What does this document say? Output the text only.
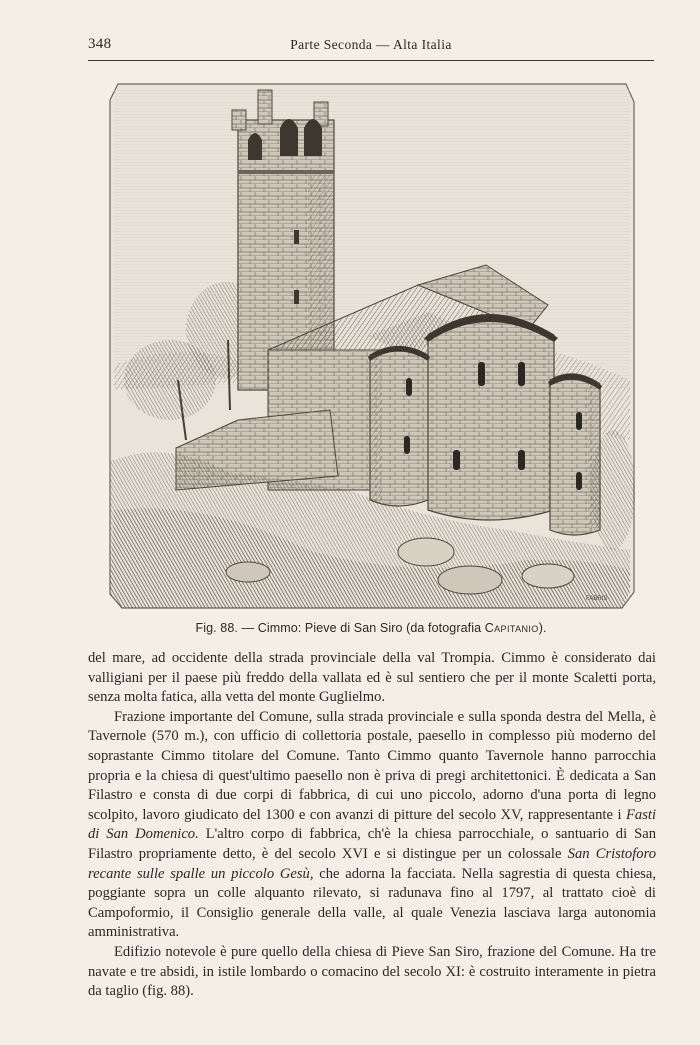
348	Parte Seconda — Alta Italia
FABRIS
Fig. 88. — Cimmo: Pieve di San Siro (da fotografia Capitanio).

del mare, ad occidente della strada provinciale della val Trompia. Cimmo è considerato dai valligiani per il paese più freddo della vallata ed è sul sentiero che per il monte Scaletti porta, senza molta fatica, alla vetta del monte Guglielmo.

Frazione importante del Comune, sulla strada provinciale e sulla sponda destra del Mella, è Tavernole (570 m.), con ufficio di collettoria postale, paesello in complesso più moderno del soprastante Cimmo titolare del Comune. Tanto Cimmo quanto Tavernole hanno parrocchia propria e la chiesa di quest'ultimo paesello non è priva di pregi architettonici. È dedicata a San Filastro e consta di due corpi di fabbrica, di cui uno piccolo, adorno d'una porta di legno scolpito, lavoro giudicato del 1300 e con avanzi di pitture del secolo XV, rappresentante i Fasti di San Domenico. L'altro corpo di fabbrica, ch'è la chiesa parrocchiale, o santuario di San Filastro propriamente detto, è del secolo XVI e si distingue per un colossale San Cristoforo recante sulle spalle un piccolo Gesù, che adorna la facciata. Nella sagrestia di questa chiesa, poggiante sopra un colle alquanto rilevato, si radunava fino al 1797, al trattato cioè di Campoformio, il Consiglio generale della valle, al quale Venezia lasciava larga autonomia amministrativa.

Edifizio notevole è pure quello della chiesa di Pieve San Siro, frazione del Comune. Ha tre navate e tre absidi, in istile lombardo o comacino del secolo XI: è costruito interamente in pietra da taglio (fig. 88).
